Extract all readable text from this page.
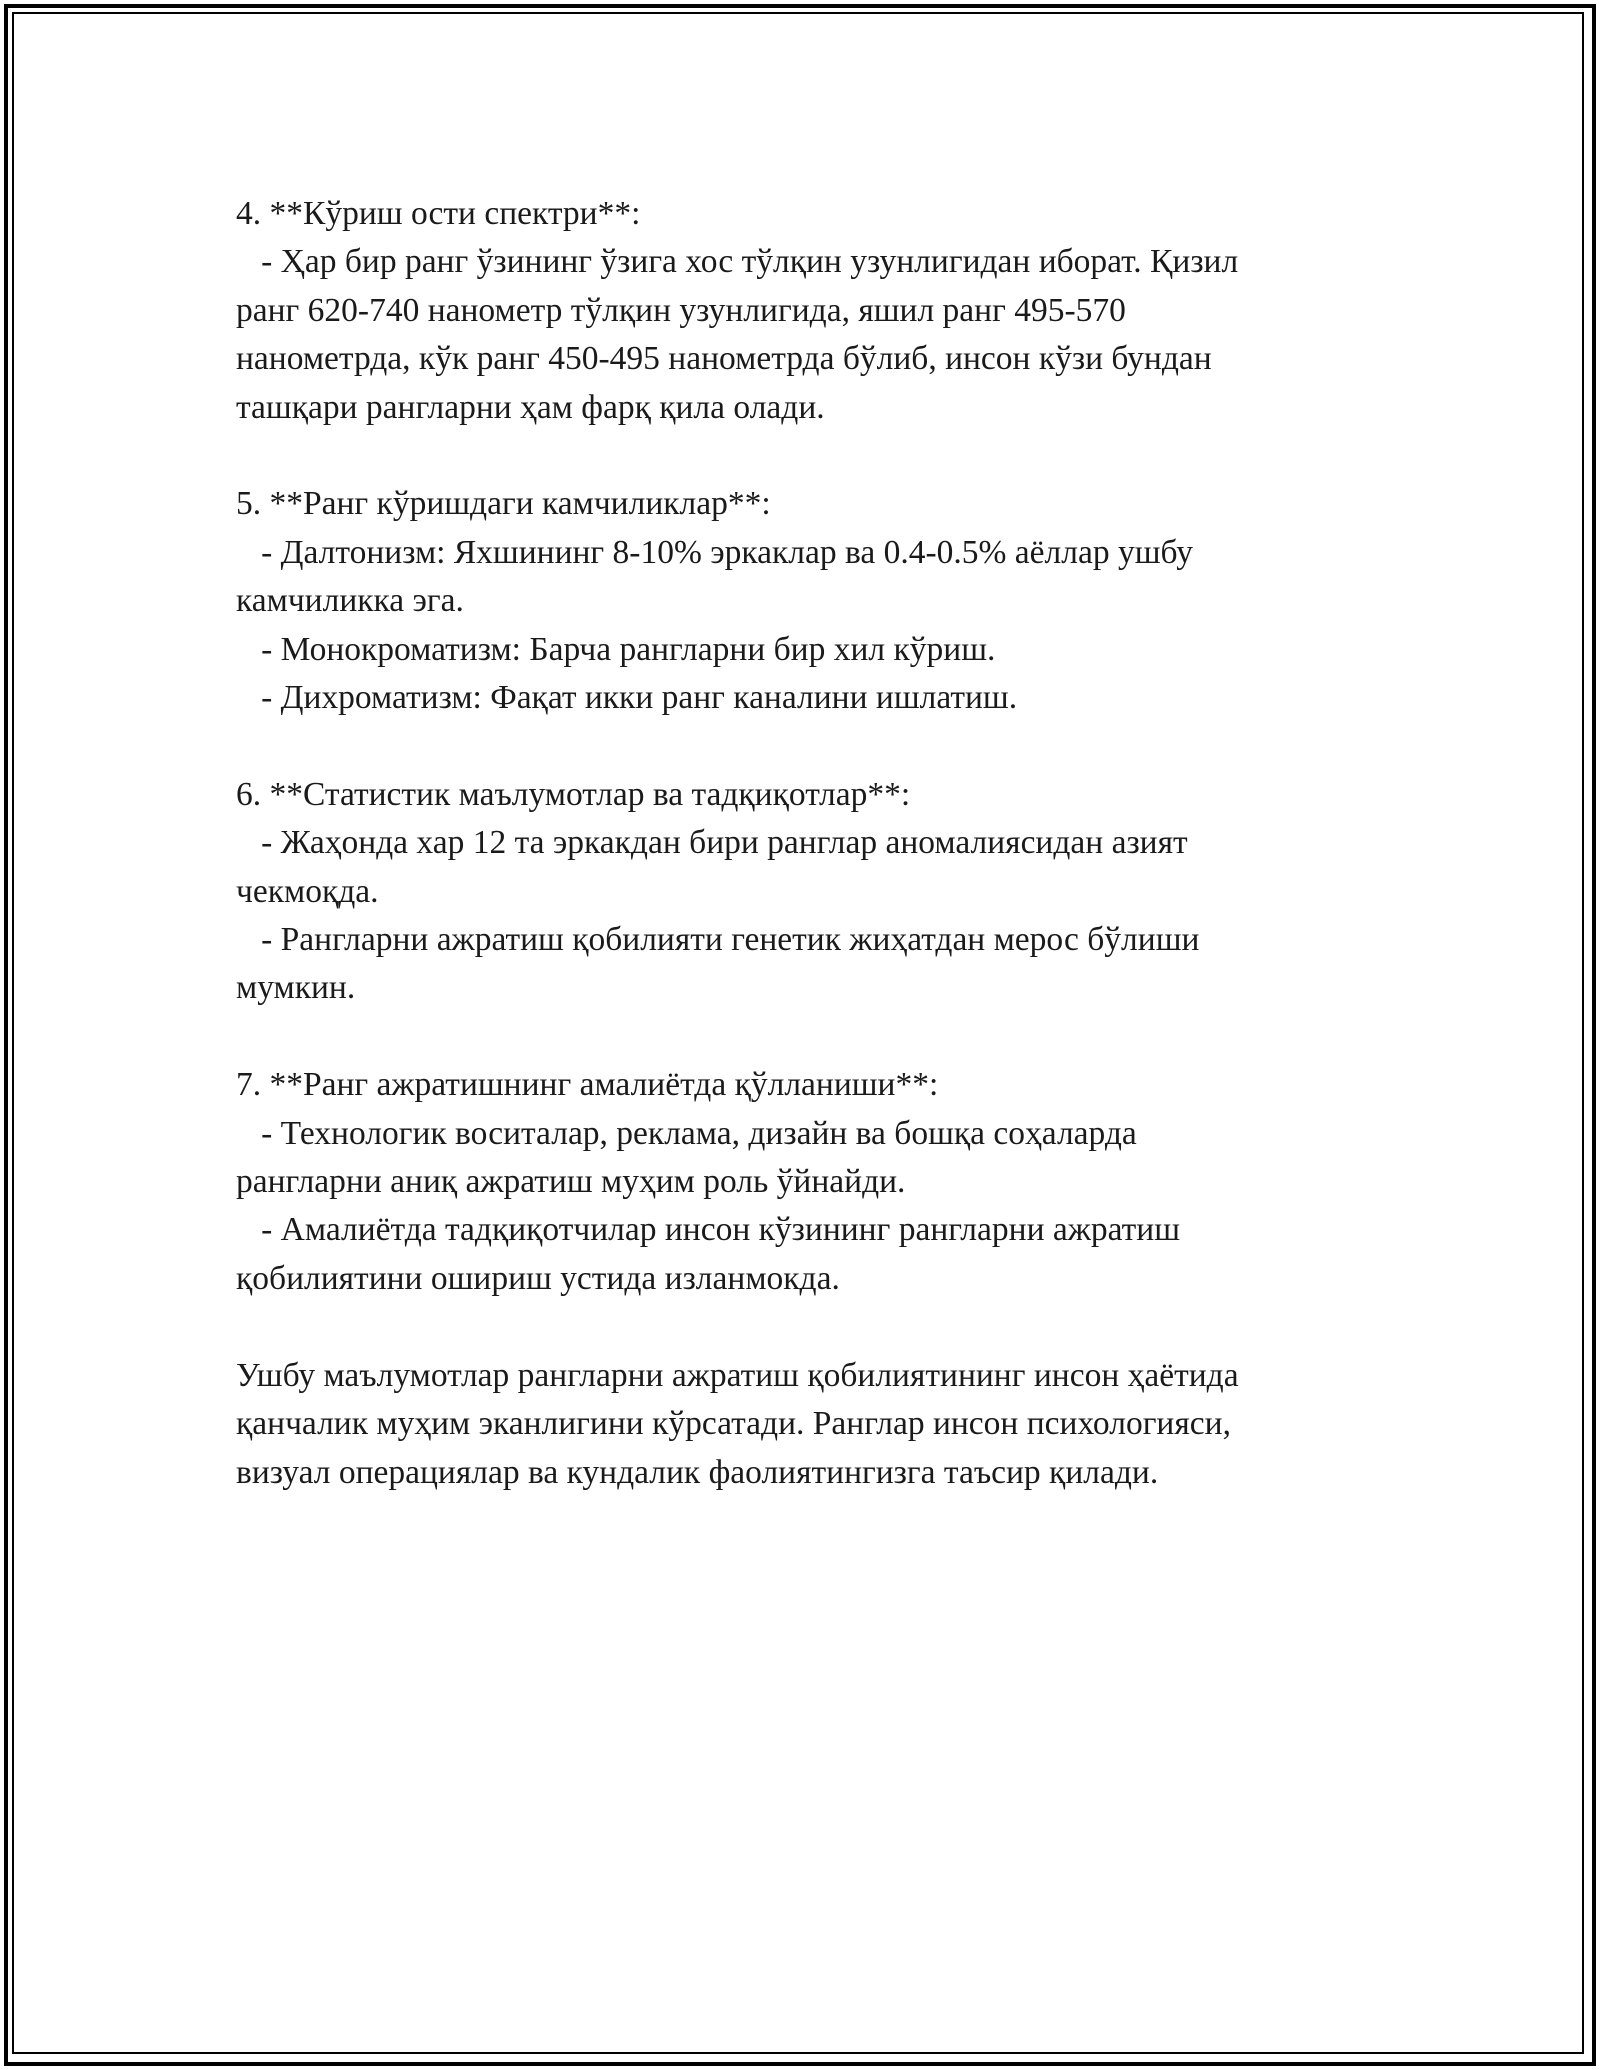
4. **Кўриш ости спектри**:
- Ҳар бир ранг ўзининг ўзига хос тўлқин узунлигидан иборат. Қизил
ранг 620-740 нанометр тўлқин узунлигида, яшил ранг 495-570
нанометрда, кўк ранг 450-495 нанометрда бўлиб, инсон кўзи бундан
ташқари рангларни ҳам фарқ қила олади.
5. **Ранг кўришдаги камчиликлар**:
- Далтонизм: Яхшининг 8-10% эркаклар ва 0.4-0.5% аёллар ушбу
камчиликка эга.
- Монокроматизм: Барча рангларни бир хил кўриш.
- Дихроматизм: Фақат икки ранг каналини ишлатиш.
6. **Статистик маълумотлар ва тадқиқотлар**:
- Жаҳонда хар 12 та эркакдан бири ранглар аномалиясидан азият
чекмоқда.
- Рангларни ажратиш қобилияти генетик жиҳатдан мерос бўлиши
мумкин.
7. **Ранг ажратишнинг амалиётда қўлланиши**:
- Технологик воситалар, реклама, дизайн ва бошқа соҳаларда
рангларни аниқ ажратиш муҳим роль ўйнайди.
- Амалиётда тадқиқотчилар инсон кўзининг рангларни ажратиш
қобилиятини ошириш устида изланмокда.
Ушбу маълумотлар рангларни ажратиш қобилиятининг инсон ҳаётида
қанчалик муҳим эканлигини кўрсатади. Ранглар инсон психологияси,
визуал операциялар ва кундалик фаолиятингизга таъсир қилади.
